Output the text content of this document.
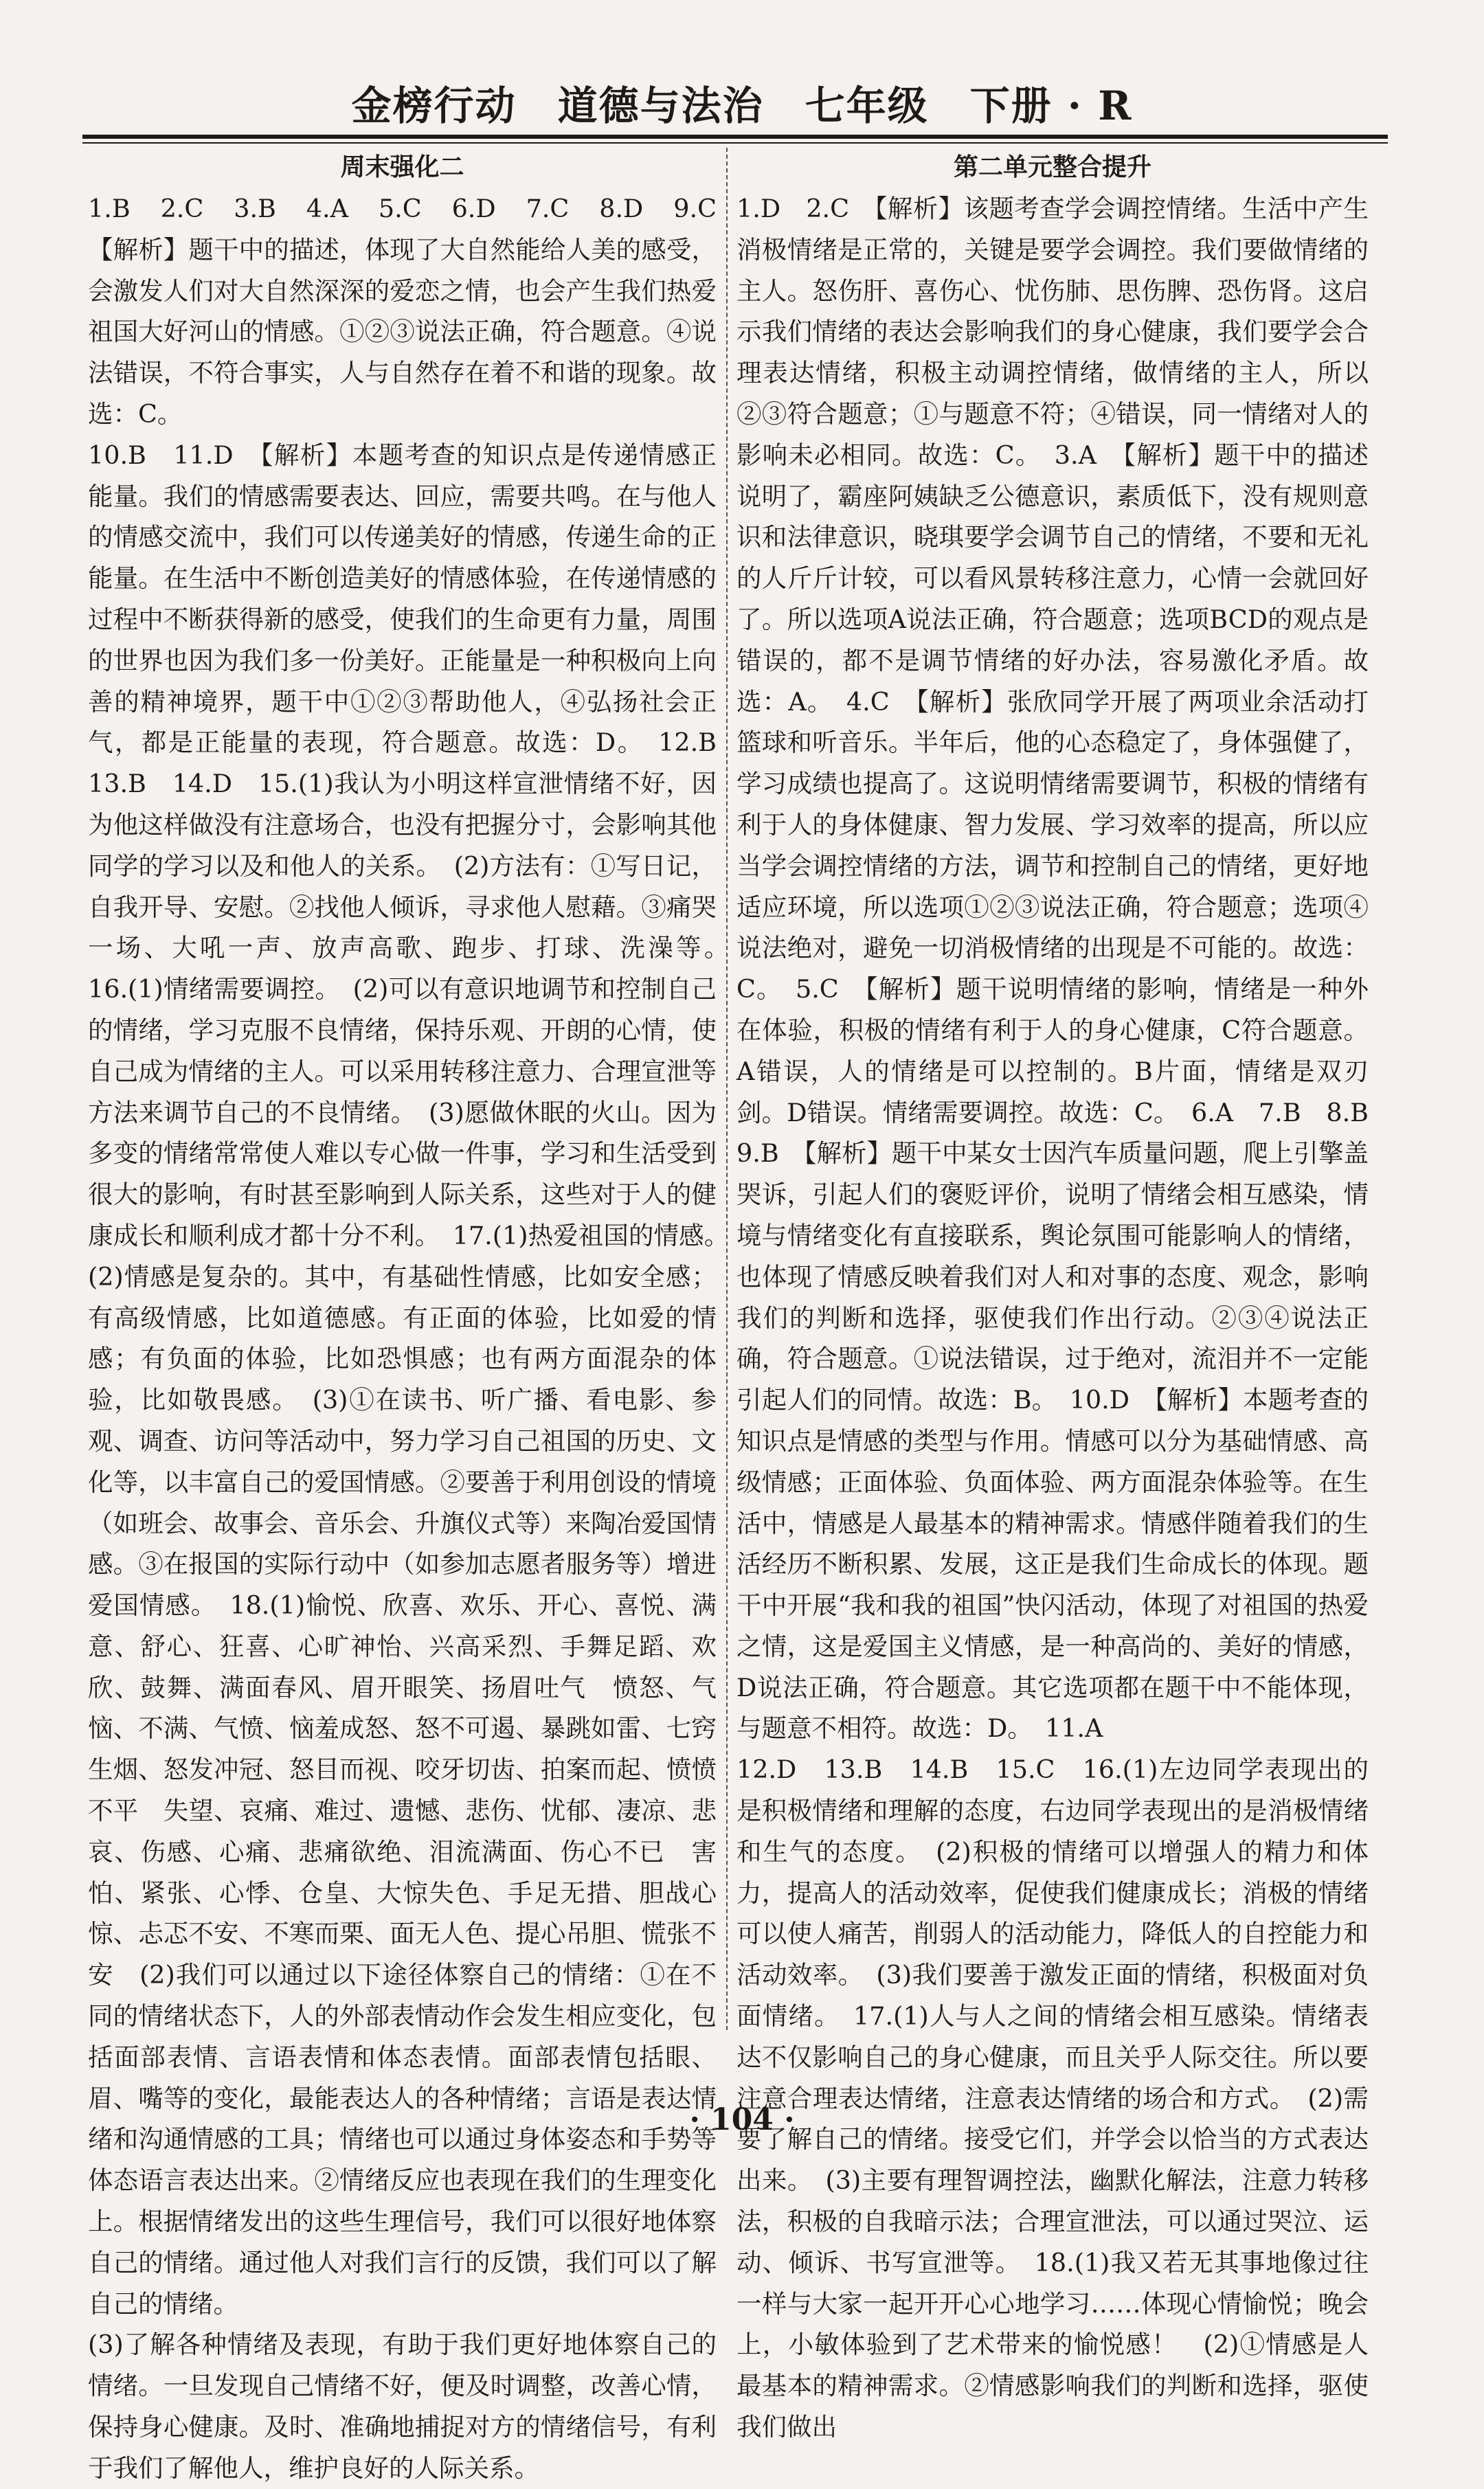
金榜行动　道德与法治　七年级　下册 · R
周末强化二

1.B　2.C　3.B　4.A　5.C　6.D　7.C　8.D　9.C　【解析】题干中的描述，体现了大自然能给人美的感受，会激发人们对大自然深深的爱恋之情，也会产生我们热爱祖国大好河山的情感。①②③说法正确，符合题意。④说法错误，不符合事实，人与自然存在着不和谐的现象。故选：C。

10.B　11.D　【解析】本题考查的知识点是传递情感正能量。我们的情感需要表达、回应，需要共鸣。在与他人的情感交流中，我们可以传递美好的情感，传递生命的正能量。在生活中不断创造美好的情感体验，在传递情感的过程中不断获得新的感受，使我们的生命更有力量，周围的世界也因为我们多一份美好。正能量是一种积极向上向善的精神境界，题干中①②③帮助他人，④弘扬社会正气，都是正能量的表现，符合题意。故选：D。　12.B　13.B　14.D　15.(1)我认为小明这样宣泄情绪不好，因为他这样做没有注意场合，也没有把握分寸，会影响其他同学的学习以及和他人的关系。　(2)方法有：①写日记，自我开导、安慰。②找他人倾诉，寻求他人慰藉。③痛哭一场、大吼一声、放声高歌、跑步、打球、洗澡等。　16.(1)情绪需要调控。　(2)可以有意识地调节和控制自己的情绪，学习克服不良情绪，保持乐观、开朗的心情，使自己成为情绪的主人。可以采用转移注意力、合理宣泄等方法来调节自己的不良情绪。　(3)愿做休眠的火山。因为多变的情绪常常使人难以专心做一件事，学习和生活受到很大的影响，有时甚至影响到人际关系，这些对于人的健康成长和顺利成才都十分不利。　17.(1)热爱祖国的情感。　(2)情感是复杂的。其中，有基础性情感，比如安全感；有高级情感，比如道德感。有正面的体验，比如爱的情感；有负面的体验，比如恐惧感；也有两方面混杂的体验，比如敬畏感。　(3)①在读书、听广播、看电影、参观、调查、访问等活动中，努力学习自己祖国的历史、文化等，以丰富自己的爱国情感。②要善于利用创设的情境（如班会、故事会、音乐会、升旗仪式等）来陶冶爱国情感。③在报国的实际行动中（如参加志愿者服务等）增进爱国情感。　18.(1)愉悦、欣喜、欢乐、开心、喜悦、满意、舒心、狂喜、心旷神怡、兴高采烈、手舞足蹈、欢欣、鼓舞、满面春风、眉开眼笑、扬眉吐气　愤怒、气恼、不满、气愤、恼羞成怒、怒不可遏、暴跳如雷、七窍生烟、怒发冲冠、怒目而视、咬牙切齿、拍案而起、愤愤不平　失望、哀痛、难过、遗憾、悲伤、忧郁、凄凉、悲哀、伤感、心痛、悲痛欲绝、泪流满面、伤心不已　害怕、紧张、心悸、仓皇、大惊失色、手足无措、胆战心惊、忐忑不安、不寒而栗、面无人色、提心吊胆、慌张不安　(2)我们可以通过以下途径体察自己的情绪：①在不同的情绪状态下，人的外部表情动作会发生相应变化，包括面部表情、言语表情和体态表情。面部表情包括眼、眉、嘴等的变化，最能表达人的各种情绪；言语是表达情绪和沟通情感的工具；情绪也可以通过身体姿态和手势等体态语言表达出来。②情绪反应也表现在我们的生理变化上。根据情绪发出的这些生理信号，我们可以很好地体察自己的情绪。通过他人对我们言行的反馈，我们可以了解自己的情绪。

(3)了解各种情绪及表现，有助于我们更好地体察自己的情绪。一旦发现自己情绪不好，便及时调整，改善心情，保持身心健康。及时、准确地捕捉对方的情绪信号，有利于我们了解他人，维护良好的人际关系。

第二单元整合提升

1.D　2.C　【解析】该题考查学会调控情绪。生活中产生消极情绪是正常的，关键是要学会调控。我们要做情绪的主人。怒伤肝、喜伤心、忧伤肺、思伤脾、恐伤肾。这启示我们情绪的表达会影响我们的身心健康，我们要学会合理表达情绪，积极主动调控情绪，做情绪的主人，所以②③符合题意；①与题意不符；④错误，同一情绪对人的影响未必相同。故选：C。　3.A　【解析】题干中的描述说明了，霸座阿姨缺乏公德意识，素质低下，没有规则意识和法律意识，晓琪要学会调节自己的情绪，不要和无礼的人斤斤计较，可以看风景转移注意力，心情一会就回好了。所以选项A说法正确，符合题意；选项BCD的观点是错误的，都不是调节情绪的好办法，容易激化矛盾。故选：A。　4.C　【解析】张欣同学开展了两项业余活动打篮球和听音乐。半年后，他的心态稳定了，身体强健了，学习成绩也提高了。这说明情绪需要调节，积极的情绪有利于人的身体健康、智力发展、学习效率的提高，所以应当学会调控情绪的方法，调节和控制自己的情绪，更好地适应环境，所以选项①②③说法正确，符合题意；选项④说法绝对，避免一切消极情绪的出现是不可能的。故选：C。　5.C　【解析】题干说明情绪的影响，情绪是一种外在体验，积极的情绪有利于人的身心健康，C符合题意。A错误，人的情绪是可以控制的。B片面，情绪是双刃剑。D错误。情绪需要调控。故选：C。　6.A　7.B　8.B　9.B　【解析】题干中某女士因汽车质量问题，爬上引擎盖哭诉，引起人们的褒贬评价，说明了情绪会相互感染，情境与情绪变化有直接联系，舆论氛围可能影响人的情绪，也体现了情感反映着我们对人和对事的态度、观念，影响我们的判断和选择，驱使我们作出行动。②③④说法正确，符合题意。①说法错误，过于绝对，流泪并不一定能引起人们的同情。故选：B。　10.D　【解析】本题考查的知识点是情感的类型与作用。情感可以分为基础情感、高级情感；正面体验、负面体验、两方面混杂体验等。在生活中，情感是人最基本的精神需求。情感伴随着我们的生活经历不断积累、发展，这正是我们生命成长的体现。题干中开展“我和我的祖国”快闪活动，体现了对祖国的热爱之情，这是爱国主义情感，是一种高尚的、美好的情感，D说法正确，符合题意。其它选项都在题干中不能体现，与题意不相符。故选：D。　11.A

12.D　13.B　14.B　15.C　16.(1)左边同学表现出的是积极情绪和理解的态度，右边同学表现出的是消极情绪和生气的态度。　(2)积极的情绪可以增强人的精力和体力，提高人的活动效率，促使我们健康成长；消极的情绪可以使人痛苦，削弱人的活动能力，降低人的自控能力和活动效率。　(3)我们要善于激发正面的情绪，积极面对负面情绪。　17.(1)人与人之间的情绪会相互感染。情绪表达不仅影响自己的身心健康，而且关乎人际交往。所以要注意合理表达情绪，注意表达情绪的场合和方式。　(2)需要了解自己的情绪。接受它们，并学会以恰当的方式表达出来。　(3)主要有理智调控法，幽默化解法，注意力转移法，积极的自我暗示法；合理宣泄法，可以通过哭泣、运动、倾诉、书写宣泄等。　18.(1)我又若无其事地像过往一样与大家一起开开心心地学习……体现心情愉悦；晚会上，小敏体验到了艺术带来的愉悦感！　(2)①情感是人最基本的精神需求。②情感影响我们的判断和选择，驱使我们做出

· 104 ·
